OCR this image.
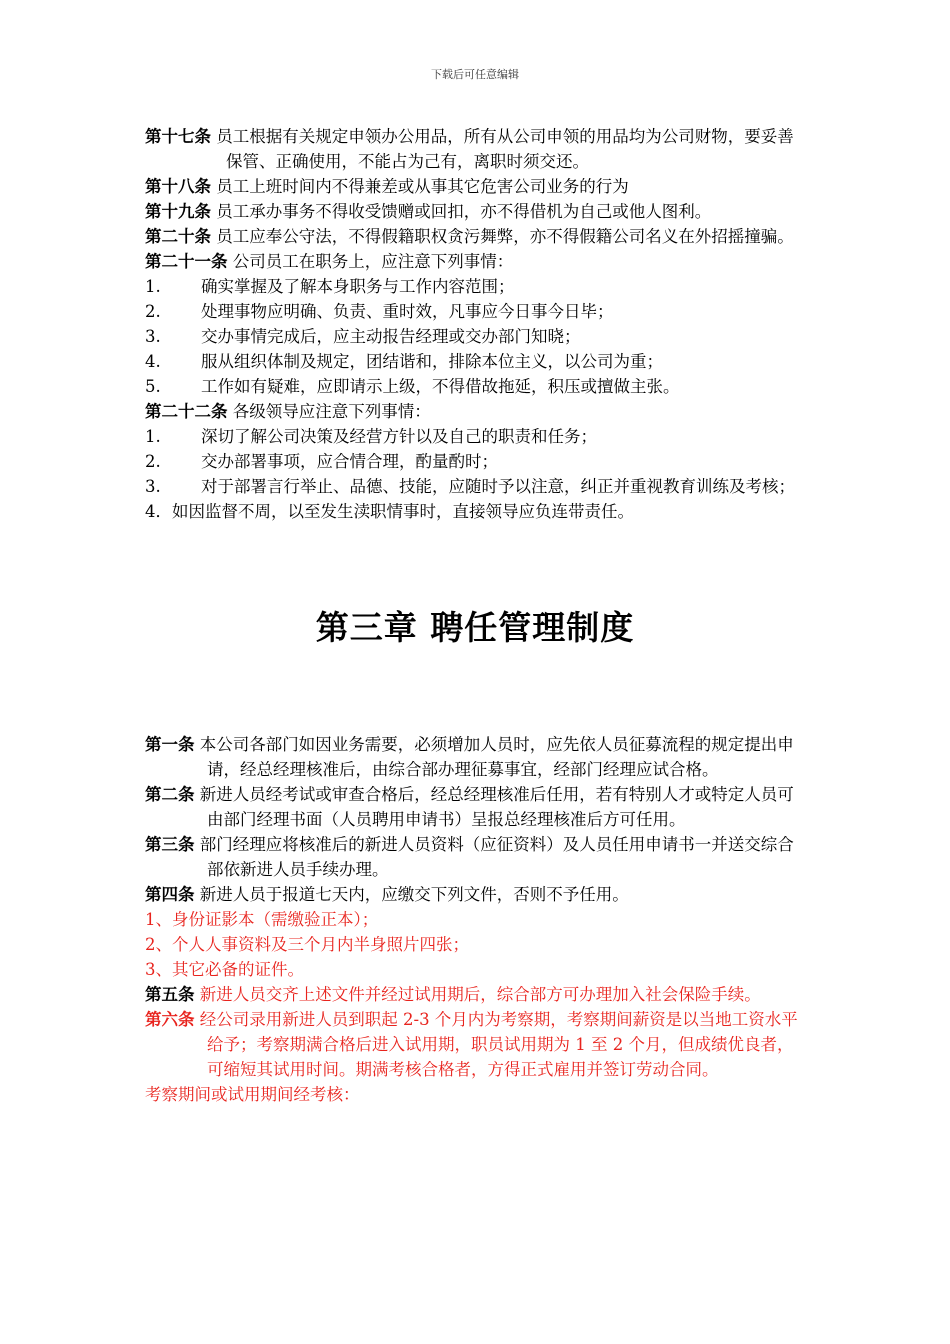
下载后可任意编辑

第十七条 员工根据有关规定申领办公用品，所有从公司申领的用品均为公司财物，要妥善保管、正确使用，不能占为己有，离职时须交还。

第十八条 员工上班时间内不得兼差或从事其它危害公司业务的行为

第十九条 员工承办事务不得收受馈赠或回扣，亦不得借机为自己或他人图利。

第二十条 员工应奉公守法，不得假籍职权贪污舞弊，亦不得假籍公司名义在外招摇撞骗。

第二十一条 公司员工在职务上，应注意下列事情：

1. 确实掌握及了解本身职务与工作内容范围；

2. 处理事物应明确、负责、重时效，凡事应今日事今日毕；

3. 交办事情完成后，应主动报告经理或交办部门知晓；

4. 服从组织体制及规定，团结谐和，排除本位主义，以公司为重；

5. 工作如有疑难，应即请示上级，不得借故拖延，积压或擅做主张。

第二十二条 各级领导应注意下列事情：

1. 深切了解公司决策及经营方针以及自己的职责和任务；

2. 交办部署事项，应合情合理，酌量酌时；

3. 对于部署言行举止、品德、技能，应随时予以注意，纠正并重视教育训练及考核；

4．如因监督不周，以至发生渎职情事时，直接领导应负连带责任。

第三章 聘任管理制度

第一条 本公司各部门如因业务需要，必须增加人员时，应先依人员征募流程的规定提出申请，经总经理核准后，由综合部办理征募事宜，经部门经理应试合格。

第二条 新进人员经考试或审查合格后，经总经理核准后任用，若有特别人才或特定人员可由部门经理书面（人员聘用申请书）呈报总经理核准后方可任用。

第三条 部门经理应将核准后的新进人员资料（应征资料）及人员任用申请书一并送交综合部依新进人员手续办理。

第四条 新进人员于报道七天内，应缴交下列文件，否则不予任用。

1、身份证影本（需缴验正本）；

2、个人人事资料及三个月内半身照片四张；

3、其它必备的证件。

第五条 新进人员交齐上述文件并经过试用期后，综合部方可办理加入社会保险手续。

第六条 经公司录用新进人员到职起 2-3 个月内为考察期，考察期间薪资是以当地工资水平给予；考察期满合格后进入试用期，职员试用期为 1 至 2 个月，但成绩优良者，可缩短其试用时间。期满考核合格者，方得正式雇用并签订劳动合同。

考察期间或试用期间经考核：
